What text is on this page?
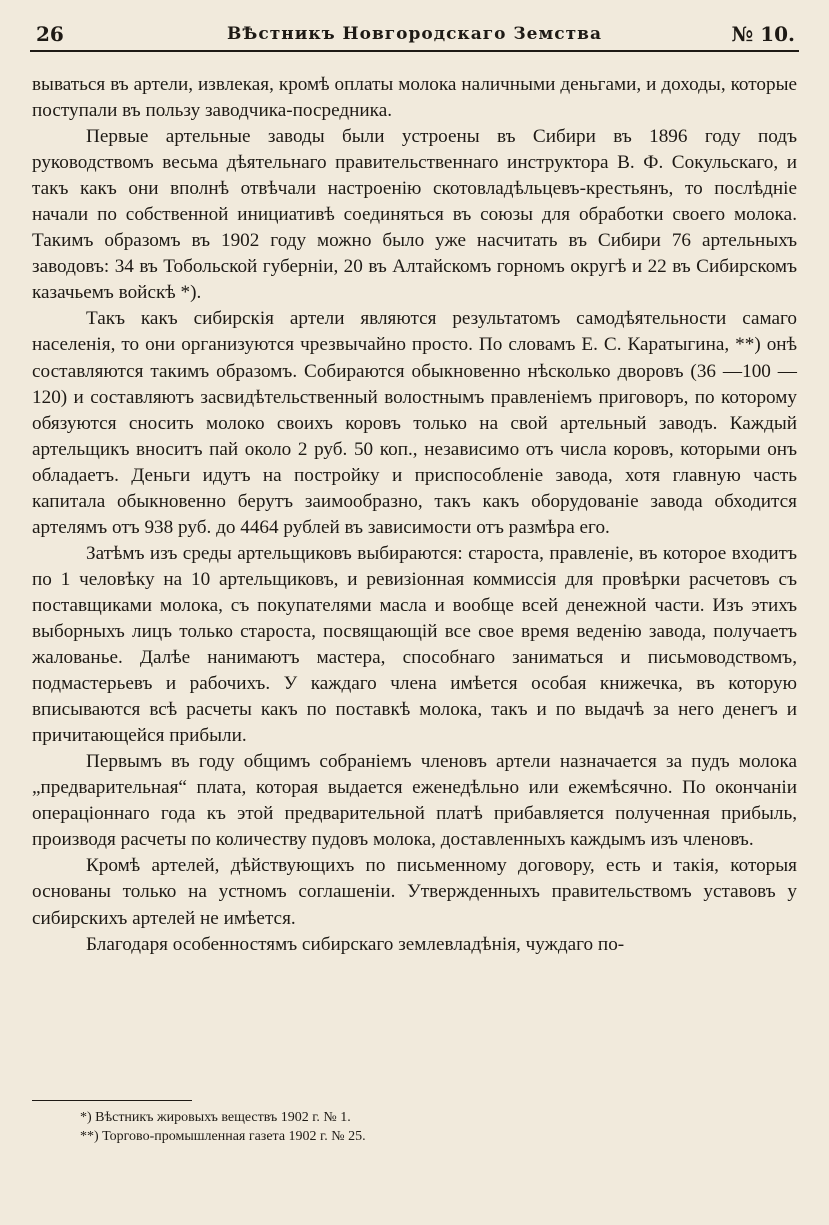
26	ВѢстникъ Новгородскаго Земства	№ 10.

вываться въ артели, извлекая, кромѣ оплаты молока наличными деньгами, и доходы, которые поступали въ пользу заводчика-посредника.

Первые артельные заводы были устроены въ Сибири въ 1896 году подъ руководствомъ весьма дѣятельнаго правительственнаго инструктора В. Ф. Сокульскаго, и такъ какъ они вполнѣ отвѣчали настроенію скотовладѣльцевъ-крестьянъ, то послѣдніе начали по собственной инициативѣ соединяться въ союзы для обработки своего молока. Такимъ образомъ въ 1902 году можно было уже насчитать въ Сибири 76 артельныхъ заводовъ: 34 въ Тобольской губерніи, 20 въ Алтайскомъ горномъ округѣ и 22 въ Сибирскомъ казачьемъ войскѣ *).

Такъ какъ сибирскія артели являются результатомъ самодѣятельности самаго населенія, то они организуются чрезвычайно просто. По словамъ Е. С. Каратыгина, **) онѣ составляются такимъ образомъ. Собираются обыкновенно нѣсколько дворовъ (36 —100 — 120) и составляютъ засвидѣтельственный волостнымъ правленіемъ приговоръ, по которому обязуются сносить молоко своихъ коровъ только на свой артельный заводъ. Каждый артельщикъ вноситъ пай около 2 руб. 50 коп., независимо отъ числа коровъ, которыми онъ обладаетъ. Деньги идутъ на постройку и приспособленіе завода, хотя главную часть капитала обыкновенно берутъ заимообразно, такъ какъ оборудованіе завода обходится артелямъ отъ 938 руб. до 4464 рублей въ зависимости отъ размѣра его.

Затѣмъ изъ среды артельщиковъ выбираются: староста, правленіе, въ которое входитъ по 1 человѣку на 10 артельщиковъ, и ревизіонная коммиссія для провѣрки расчетовъ съ поставщиками молока, съ покупателями масла и вообще всей денежной части. Изъ этихъ выборныхъ лицъ только староста, посвящающій все свое время веденію завода, получаетъ жалованье. Далѣе нанимаютъ мастера, способнаго заниматься и письмоводствомъ, подмастерьевъ и рабочихъ. У каждаго члена имѣется особая книжечка, въ которую вписываются всѣ расчеты какъ по поставкѣ молока, такъ и по выдачѣ за него денегъ и причитающейся прибыли.

Первымъ въ году общимъ собраніемъ членовъ артели назначается за пудъ молока „предварительная“ плата, которая выдается еженедѣльно или ежемѣсячно. По окончаніи операціоннаго года къ этой предварительной платѣ прибавляется полученная прибыль, производя расчеты по количеству пудовъ молока, доставленныхъ каждымъ изъ членовъ.

Кромѣ артелей, дѣйствующихъ по письменному договору, есть и такія, которыя основаны только на устномъ соглашеніи. Утвержденныхъ правительствомъ уставовъ у сибирскихъ артелей не имѣется.

Благодаря особенностямъ сибирскаго землевладѣнія, чуждаго по-

*) Вѣстникъ жировыхъ веществъ 1902 г. № 1.
**) Торгово-промышленная газета 1902 г. № 25.
